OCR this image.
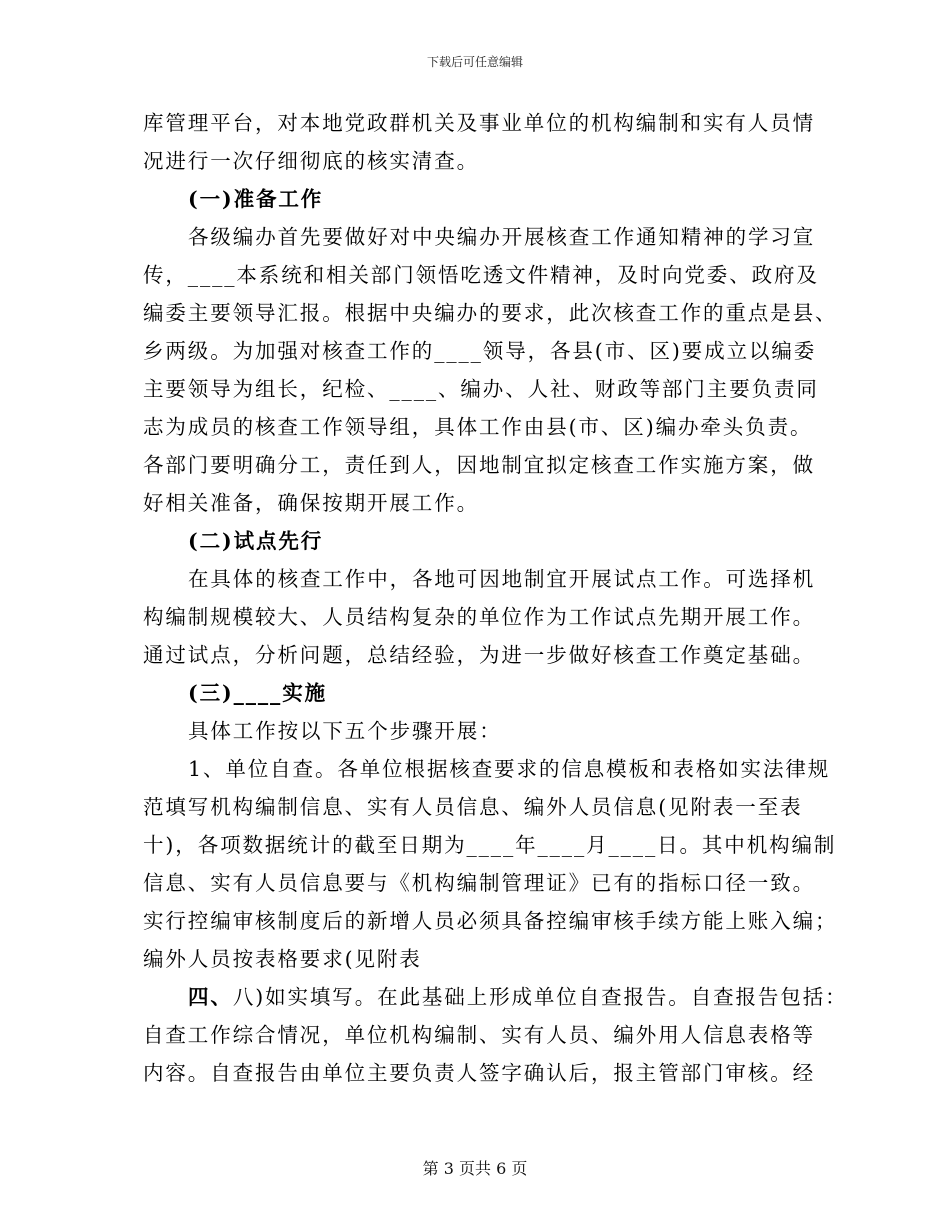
下载后可任意编辑
库管理平台，对本地党政群机关及事业单位的机构编制和实有人员情
况进行一次仔细彻底的核实清查。
(一)准备工作
各级编办首先要做好对中央编办开展核查工作通知精神的学习宣
传，____本系统和相关部门领悟吃透文件精神，及时向党委、政府及
编委主要领导汇报。根据中央编办的要求，此次核查工作的重点是县、
乡两级。为加强对核查工作的____领导，各县(市、区)要成立以编委
主要领导为组长，纪检、____、编办、人社、财政等部门主要负责同
志为成员的核查工作领导组，具体工作由县(市、区)编办牵头负责。
各部门要明确分工，责任到人，因地制宜拟定核查工作实施方案，做
好相关准备，确保按期开展工作。
(二)试点先行
在具体的核查工作中，各地可因地制宜开展试点工作。可选择机
构编制规模较大、人员结构复杂的单位作为工作试点先期开展工作。
通过试点，分析问题，总结经验，为进一步做好核查工作奠定基础。
(三)____实施
具体工作按以下五个步骤开展：
1、单位自查。各单位根据核查要求的信息模板和表格如实法律规
范填写机构编制信息、实有人员信息、编外人员信息(见附表一至表
十)，各项数据统计的截至日期为____年____月____日。其中机构编制
信息、实有人员信息要与《机构编制管理证》已有的指标口径一致。
实行控编审核制度后的新增人员必须具备控编审核手续方能上账入编；
编外人员按表格要求(见附表
四、八)如实填写。在此基础上形成单位自查报告。自查报告包括：
自查工作综合情况，单位机构编制、实有人员、编外用人信息表格等
内容。自查报告由单位主要负责人签字确认后，报主管部门审核。经
第 3 页共 6 页
